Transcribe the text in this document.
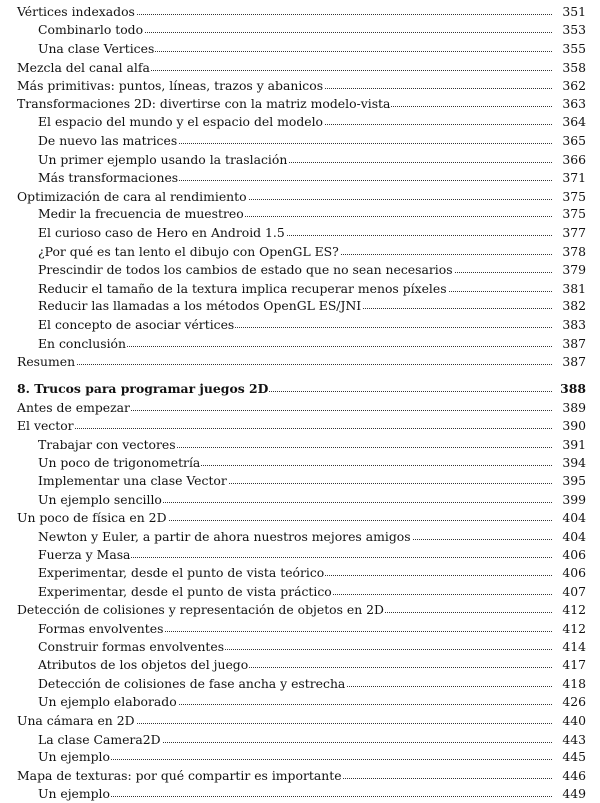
Vértices indexados	351
Combinarlo todo	353
Una clase Vertices	355
Mezcla del canal alfa	358
Más primitivas: puntos, líneas, trazos y abanicos	362
Transformaciones 2D: divertirse con la matriz modelo-vista	363
El espacio del mundo y el espacio del modelo	364
De nuevo las matrices	365
Un primer ejemplo usando la traslación	366
Más transformaciones	371
Optimización de cara al rendimiento	375
Medir la frecuencia de muestreo	375
El curioso caso de Hero en Android 1.5	377
¿Por qué es tan lento el dibujo con OpenGL ES?	378
Prescindir de todos los cambios de estado que no sean necesarios	379
Reducir el tamaño de la textura implica recuperar menos píxeles	381
Reducir las llamadas a los métodos OpenGL ES/JNI	382
El concepto de asociar vértices	383
En conclusión	387
Resumen	387
8. Trucos para programar juegos 2D	388
Antes de empezar	389
El vector	390
Trabajar con vectores	391
Un poco de trigonometría	394
Implementar una clase Vector	395
Un ejemplo sencillo	399
Un poco de física en 2D	404
Newton y Euler, a partir de ahora nuestros mejores amigos	404
Fuerza y Masa	406
Experimentar, desde el punto de vista teórico	406
Experimentar, desde el punto de vista práctico	407
Detección de colisiones y representación de objetos en 2D	412
Formas envolventes	412
Construir formas envolventes	414
Atributos de los objetos del juego	417
Detección de colisiones de fase ancha y estrecha	418
Un ejemplo elaborado	426
Una cámara en 2D	440
La clase Camera2D	443
Un ejemplo	445
Mapa de texturas: por qué compartir es importante	446
Un ejemplo	449
